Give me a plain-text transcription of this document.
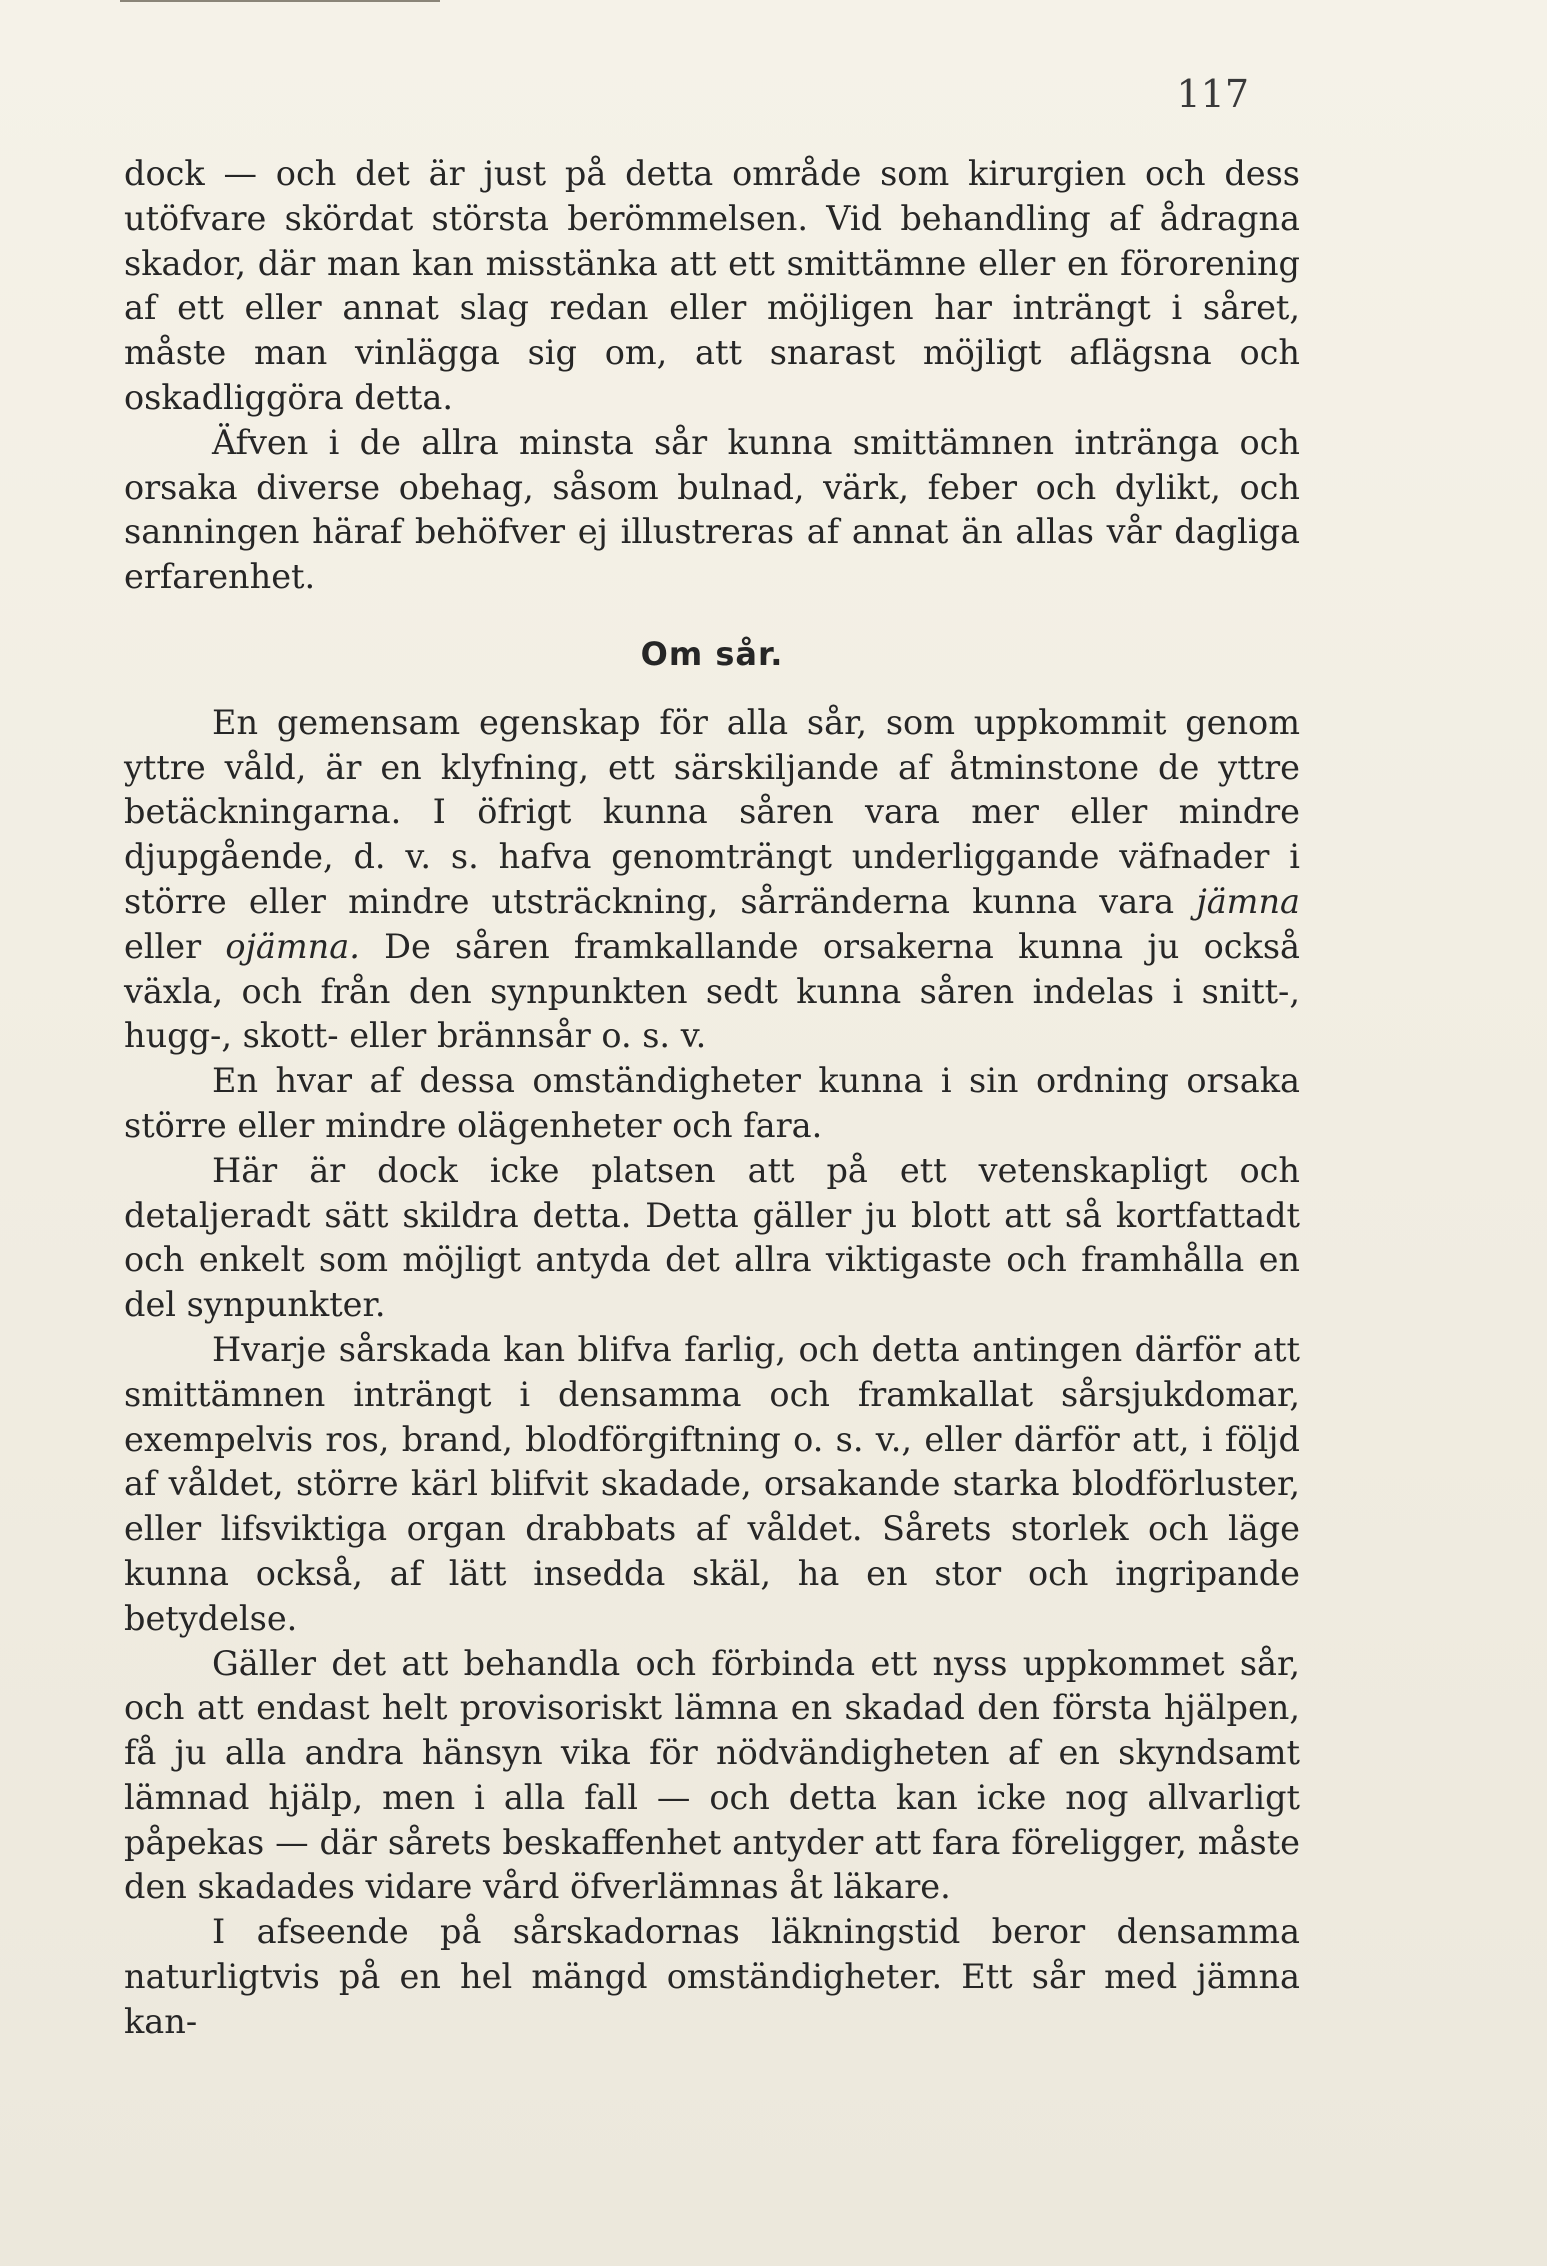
117

dock — och det är just på detta område som kirurgien och dess utöfvare skördat största berömmelsen. Vid behandling af ådragna skador, där man kan misstänka att ett smittämne eller en förorening af ett eller annat slag redan eller möjligen har inträngt i såret, måste man vinlägga sig om, att snarast möjligt aflägsna och oskadliggöra detta.

Äfven i de allra minsta sår kunna smittämnen intränga och orsaka diverse obehag, såsom bulnad, värk, feber och dylikt, och sanningen häraf behöfver ej illustreras af annat än allas vår dagliga erfarenhet.

Om sår.

En gemensam egenskap för alla sår, som uppkommit genom yttre våld, är en klyfning, ett särskiljande af åtminstone de yttre betäckningarna. I öfrigt kunna såren vara mer eller mindre djupgående, d. v. s. hafva genomträngt underliggande väfnader i större eller mindre utsträckning, sårränderna kunna vara jämna eller ojämna. De såren framkallande orsakerna kunna ju också växla, och från den synpunkten sedt kunna såren indelas i snitt-, hugg-, skott- eller brännsår o. s. v.

En hvar af dessa omständigheter kunna i sin ordning orsaka större eller mindre olägenheter och fara.

Här är dock icke platsen att på ett vetenskapligt och detaljeradt sätt skildra detta. Detta gäller ju blott att så kortfattadt och enkelt som möjligt antyda det allra viktigaste och framhålla en del synpunkter.

Hvarje sårskada kan blifva farlig, och detta antingen därför att smittämnen inträngt i densamma och framkallat sårsjukdomar, exempelvis ros, brand, blodförgiftning o. s. v., eller därför att, i följd af våldet, större kärl blifvit skadade, orsakande starka blodförluster, eller lifsviktiga organ drabbats af våldet. Sårets storlek och läge kunna också, af lätt insedda skäl, ha en stor och ingripande betydelse.

Gäller det att behandla och förbinda ett nyss uppkommet sår, och att endast helt provisoriskt lämna en skadad den första hjälpen, få ju alla andra hänsyn vika för nödvändigheten af en skyndsamt lämnad hjälp, men i alla fall — och detta kan icke nog allvarligt påpekas — där sårets beskaffenhet antyder att fara föreligger, måste den skadades vidare vård öfverlämnas åt läkare.

I afseende på sårskadornas läkningstid beror densamma naturligtvis på en hel mängd omständigheter. Ett sår med jämna kan-
